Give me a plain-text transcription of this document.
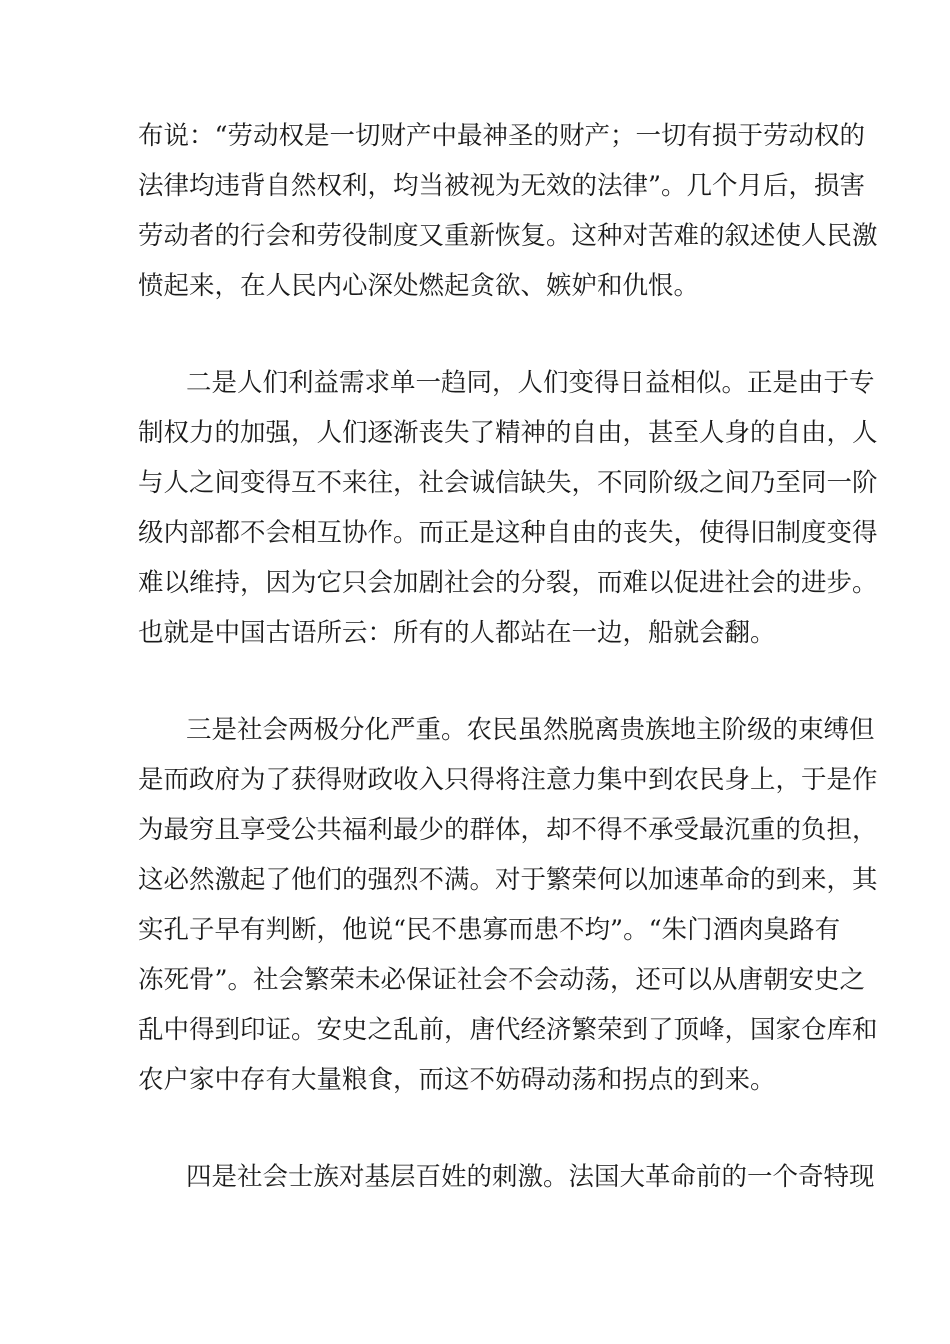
布说：“劳动权是一切财产中最神圣的财产；一切有损于劳动权的
法律均违背自然权利，均当被视为无效的法律”。几个月后，损害
劳动者的行会和劳役制度又重新恢复。这种对苦难的叙述使人民激
愤起来，在人民内心深处燃起贪欲、嫉妒和仇恨。
二是人们利益需求单一趋同，人们变得日益相似。正是由于专
制权力的加强，人们逐渐丧失了精神的自由，甚至人身的自由，人
与人之间变得互不来往，社会诚信缺失，不同阶级之间乃至同一阶
级内部都不会相互协作。而正是这种自由的丧失，使得旧制度变得
难以维持，因为它只会加剧社会的分裂，而难以促进社会的进步。
也就是中国古语所云：所有的人都站在一边，船就会翻。
三是社会两极分化严重。农民虽然脱离贵族地主阶级的束缚但
是而政府为了获得财政收入只得将注意力集中到农民身上，于是作
为最穷且享受公共福利最少的群体，却不得不承受最沉重的负担，
这必然激起了他们的强烈不满。对于繁荣何以加速革命的到来，其
实孔子早有判断，他说“民不患寡而患不均”。“朱门酒肉臭路有
冻死骨”。社会繁荣未必保证社会不会动荡，还可以从唐朝安史之
乱中得到印证。安史之乱前，唐代经济繁荣到了顶峰，国家仓库和
农户家中存有大量粮食，而这不妨碍动荡和拐点的到来。
四是社会士族对基层百姓的刺激。法国大革命前的一个奇特现
